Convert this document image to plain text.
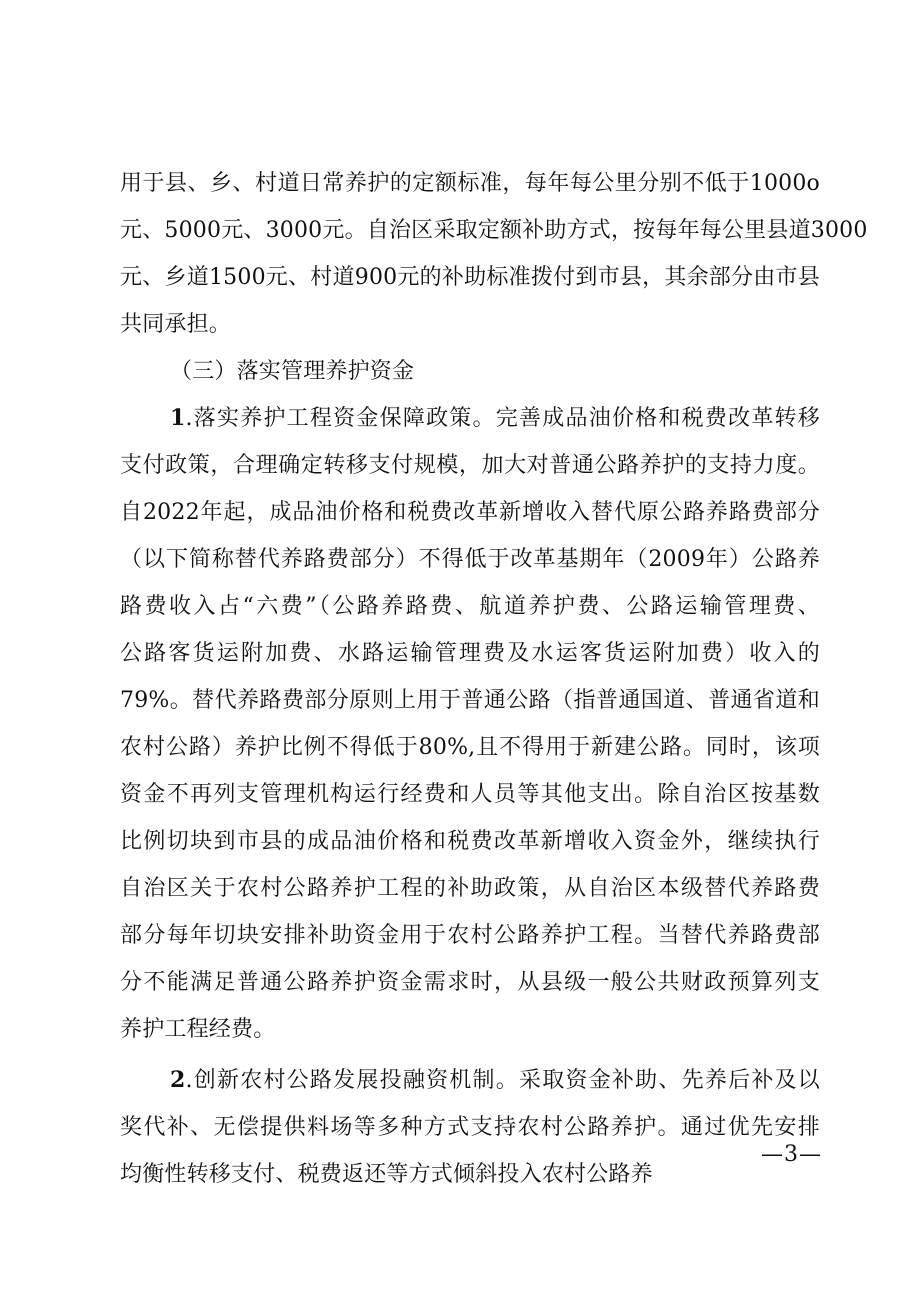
用于县、乡、村道日常养护的定额标准，每年每公里分别不低于1000o
元、5000元、3000元。自治区采取定额补助方式，按每年每公里县道3000
元、乡道1500元、村道900元的补助标准拨付到市县，其余部分由市县
共同承担。
（三）落实管理养护资金
1.落实养护工程资金保障政策。完善成品油价格和税费改革转移
支付政策，合理确定转移支付规模，加大对普通公路养护的支持力度。
自2022年起，成品油价格和税费改革新增收入替代原公路养路费部分
（以下简称替代养路费部分）不得低于改革基期年（2009年）公路养
路费收入占“六费”（公路养路费、航道养护费、公路运输管理费、
公路客货运附加费、水路运输管理费及水运客货运附加费）收入的
79%。替代养路费部分原则上用于普通公路（指普通国道、普通省道和
农村公路）养护比例不得低于80%,且不得用于新建公路。同时，该项
资金不再列支管理机构运行经费和人员等其他支出。除自治区按基数
比例切块到市县的成品油价格和税费改革新增收入资金外，继续执行
自治区关于农村公路养护工程的补助政策，从自治区本级替代养路费
部分每年切块安排补助资金用于农村公路养护工程。当替代养路费部
分不能满足普通公路养护资金需求时，从县级一般公共财政预算列支
养护工程经费。
2.创新农村公路发展投融资机制。采取资金补助、先养后补及以
奖代补、无偿提供料场等多种方式支持农村公路养护。通过优先安排
均衡性转移支付、税费返还等方式倾斜投入农村公路养
—3—
